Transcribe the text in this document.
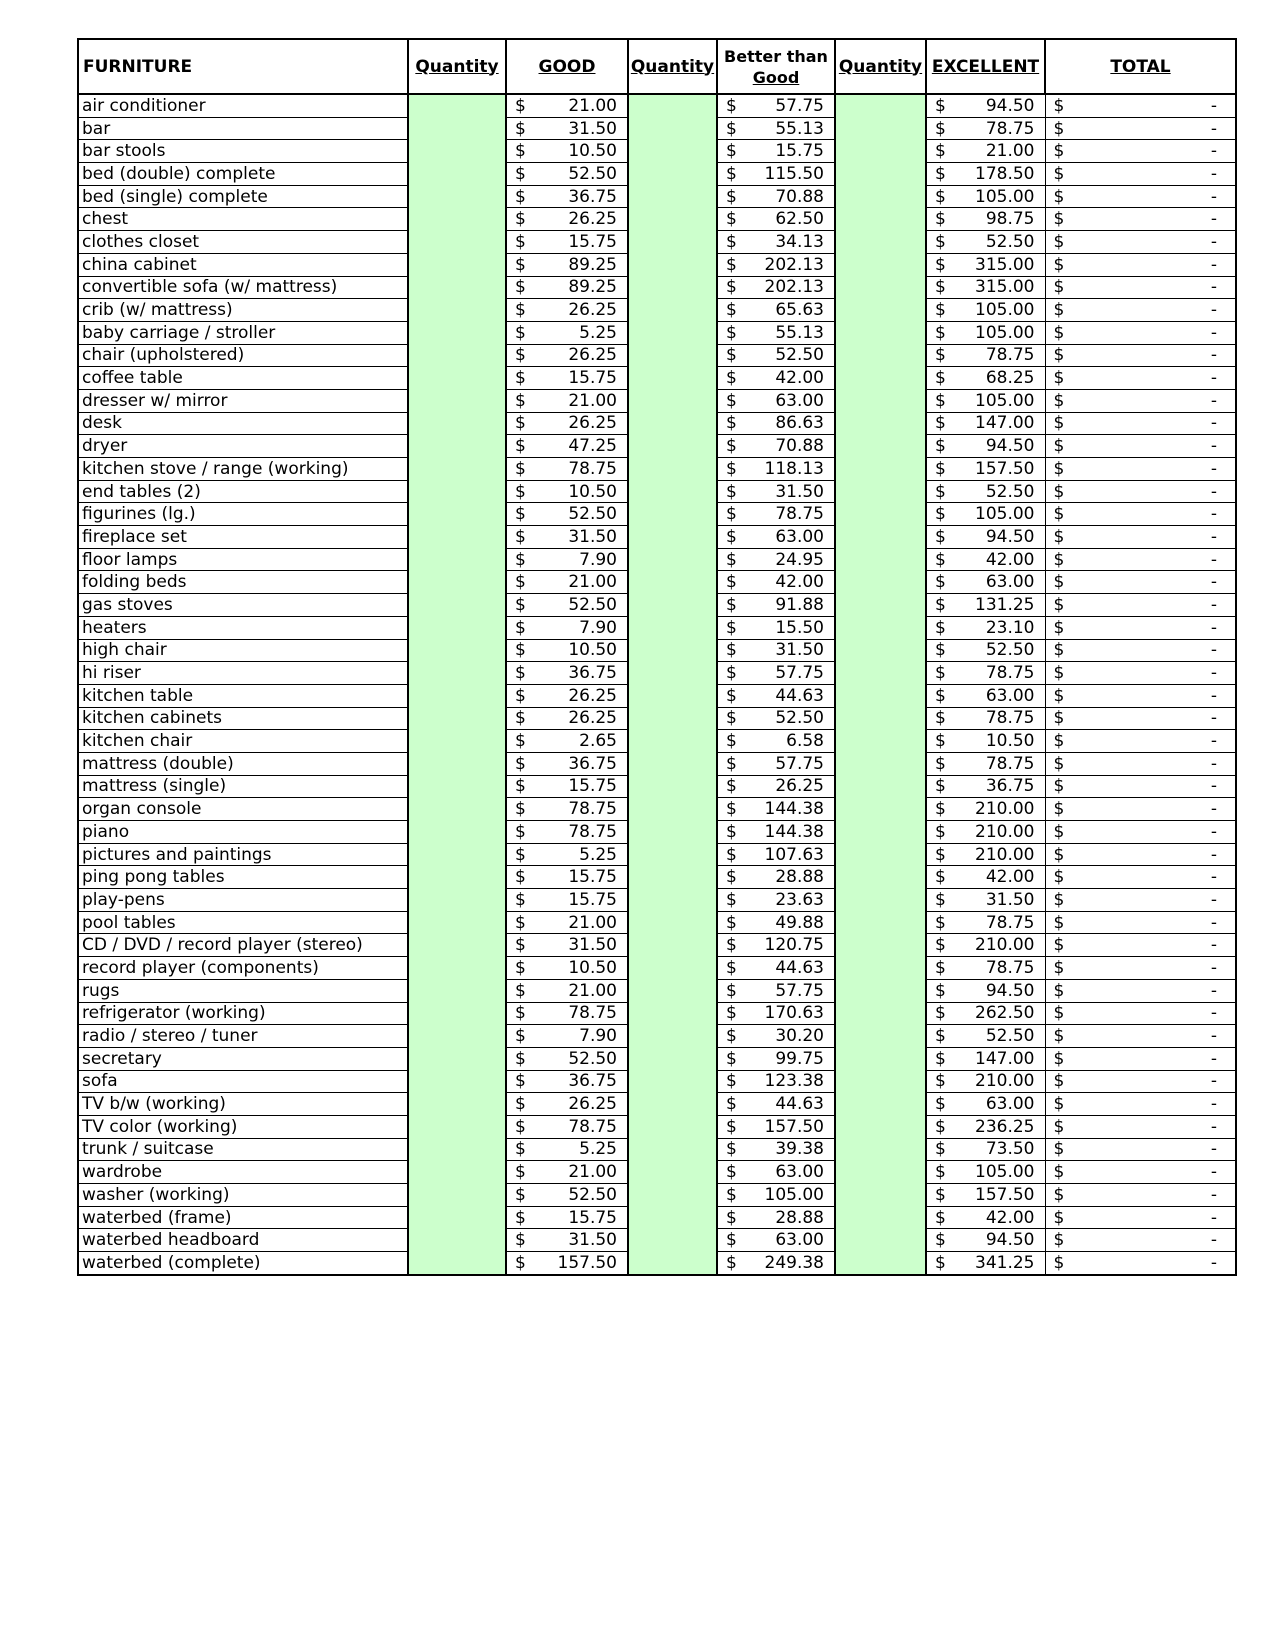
FURNITURE	Quantity	GOOD	Quantity	Better than
Good	Quantity	EXCELLENT	TOTAL
air conditioner		$ 21.00		$ 57.75		$ 94.50	$ -

bar		$ 31.50		$ 55.13		$ 78.75	$ -

bar stools		$ 10.50		$ 15.75		$ 21.00	$ -

bed (double) complete		$ 52.50		$ 115.50		$ 178.50	$ -

bed (single) complete		$ 36.75		$ 70.88		$ 105.00	$ -

chest		$ 26.25		$ 62.50		$ 98.75	$ -

clothes closet		$ 15.75		$ 34.13		$ 52.50	$ -

china cabinet		$ 89.25		$ 202.13		$ 315.00	$ -

convertible sofa (w/ mattress)		$ 89.25		$ 202.13		$ 315.00	$ -

crib (w/ mattress)		$ 26.25		$ 65.63		$ 105.00	$ -

baby carriage / stroller		$ 5.25		$ 55.13		$ 105.00	$ -

chair (upholstered)		$ 26.25		$ 52.50		$ 78.75	$ -

coffee table		$ 15.75		$ 42.00		$ 68.25	$ -

dresser w/ mirror		$ 21.00		$ 63.00		$ 105.00	$ -

desk		$ 26.25		$ 86.63		$ 147.00	$ -

dryer		$ 47.25		$ 70.88		$ 94.50	$ -

kitchen stove / range (working)		$ 78.75		$ 118.13		$ 157.50	$ -

end tables (2)		$ 10.50		$ 31.50		$ 52.50	$ -

figurines (lg.)		$ 52.50		$ 78.75		$ 105.00	$ -

fireplace set		$ 31.50		$ 63.00		$ 94.50	$ -

floor lamps		$ 7.90		$ 24.95		$ 42.00	$ -

folding beds		$ 21.00		$ 42.00		$ 63.00	$ -

gas stoves		$ 52.50		$ 91.88		$ 131.25	$ -

heaters		$ 7.90		$ 15.50		$ 23.10	$ -

high chair		$ 10.50		$ 31.50		$ 52.50	$ -

hi riser		$ 36.75		$ 57.75		$ 78.75	$ -

kitchen table		$ 26.25		$ 44.63		$ 63.00	$ -

kitchen cabinets		$ 26.25		$ 52.50		$ 78.75	$ -

kitchen chair		$ 2.65		$ 6.58		$ 10.50	$ -

mattress (double)		$ 36.75		$ 57.75		$ 78.75	$ -

mattress (single)		$ 15.75		$ 26.25		$ 36.75	$ -

organ console		$ 78.75		$ 144.38		$ 210.00	$ -

piano		$ 78.75		$ 144.38		$ 210.00	$ -

pictures and paintings		$ 5.25		$ 107.63		$ 210.00	$ -

ping pong tables		$ 15.75		$ 28.88		$ 42.00	$ -

play-pens		$ 15.75		$ 23.63		$ 31.50	$ -

pool tables		$ 21.00		$ 49.88		$ 78.75	$ -

CD / DVD / record player (stereo)		$ 31.50		$ 120.75		$ 210.00	$ -

record player (components)		$ 10.50		$ 44.63		$ 78.75	$ -

rugs		$ 21.00		$ 57.75		$ 94.50	$ -

refrigerator (working)		$ 78.75		$ 170.63		$ 262.50	$ -

radio / stereo / tuner		$ 7.90		$ 30.20		$ 52.50	$ -

secretary		$ 52.50		$ 99.75		$ 147.00	$ -

sofa		$ 36.75		$ 123.38		$ 210.00	$ -

TV b/w (working)		$ 26.25		$ 44.63		$ 63.00	$ -

TV color (working)		$ 78.75		$ 157.50		$ 236.25	$ -

trunk / suitcase		$ 5.25		$ 39.38		$ 73.50	$ -

wardrobe		$ 21.00		$ 63.00		$ 105.00	$ -

washer (working)		$ 52.50		$ 105.00		$ 157.50	$ -

waterbed (frame)		$ 15.75		$ 28.88		$ 42.00	$ -

waterbed headboard		$ 31.50		$ 63.00		$ 94.50	$ -

waterbed (complete)		$ 157.50		$ 249.38		$ 341.25	$ -
